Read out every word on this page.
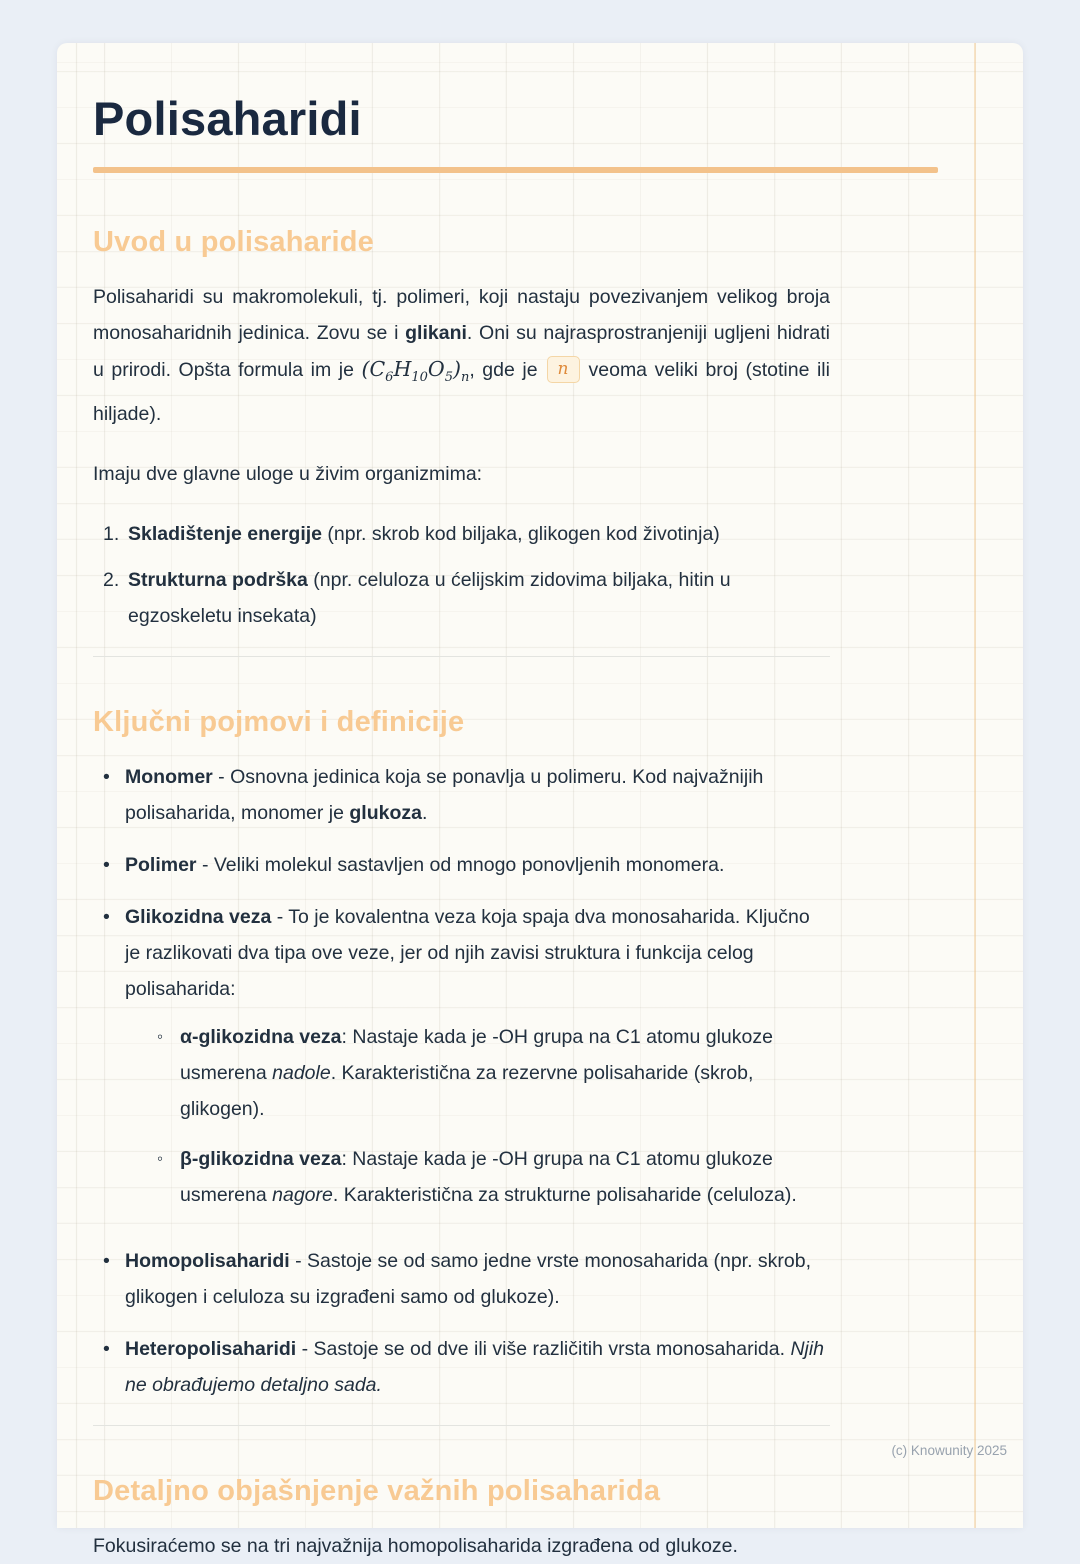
Polisaharidi
Uvod u polisaharide

Polisaharidi su makromolekuli, tj. polimeri, koji nastaju povezivanjem velikog broja monosaharidnih jedinica. Zovu se i glikani. Oni su najrasprostranjeniji ugljeni hidrati u prirodi. Opšta formula im je $(C_6H_{10}O_5)_n$, gde je n veoma veliki broj (stotine ili hiljade).

Imaju dve glavne uloge u živim organizmima:

1. Skladištenje energije (npr. skrob kod biljaka, glikogen kod životinja)
2. Strukturna podrška (npr. celuloza u ćelijskim zidovima biljaka, hitin u egzoskeletu insekata)
Ključni pojmovi i definicije
• Monomer - Osnovna jedinica koja se ponavlja u polimeru. Kod najvažnijih polisaharida, monomer je glukoza.
• Polimer - Veliki molekul sastavljen od mnogo ponovljenih monomera.
• Glikozidna veza - To je kovalentna veza koja spaja dva monosaharida. Ključno je razlikovati dva tipa ove veze, jer od njih zavisi struktura i funkcija celog polisaharida:
◦ α-glikozidna veza: Nastaje kada je -OH grupa na C1 atomu glukoze usmerena nadole. Karakteristična za rezervne polisaharide (skrob, glikogen).
◦ β-glikozidna veza: Nastaje kada je -OH grupa na C1 atomu glukoze usmerena nagore. Karakteristična za strukturne polisaharide (celuloza).
• Homopolisaharidi - Sastoje se od samo jedne vrste monosaharida (npr. skrob, glikogen i celuloza su izgrađeni samo od glukoze).
• Heteropolisaharidi - Sastoje se od dve ili više različitih vrsta monosaharida. Njih ne obrađujemo detaljno sada.
Detaljno objašnjenje važnih polisaharida

Fokusiraćemo se na tri najvažnija homopolisaharida izgrađena od glukoze.

(c) Knowunity 2025
